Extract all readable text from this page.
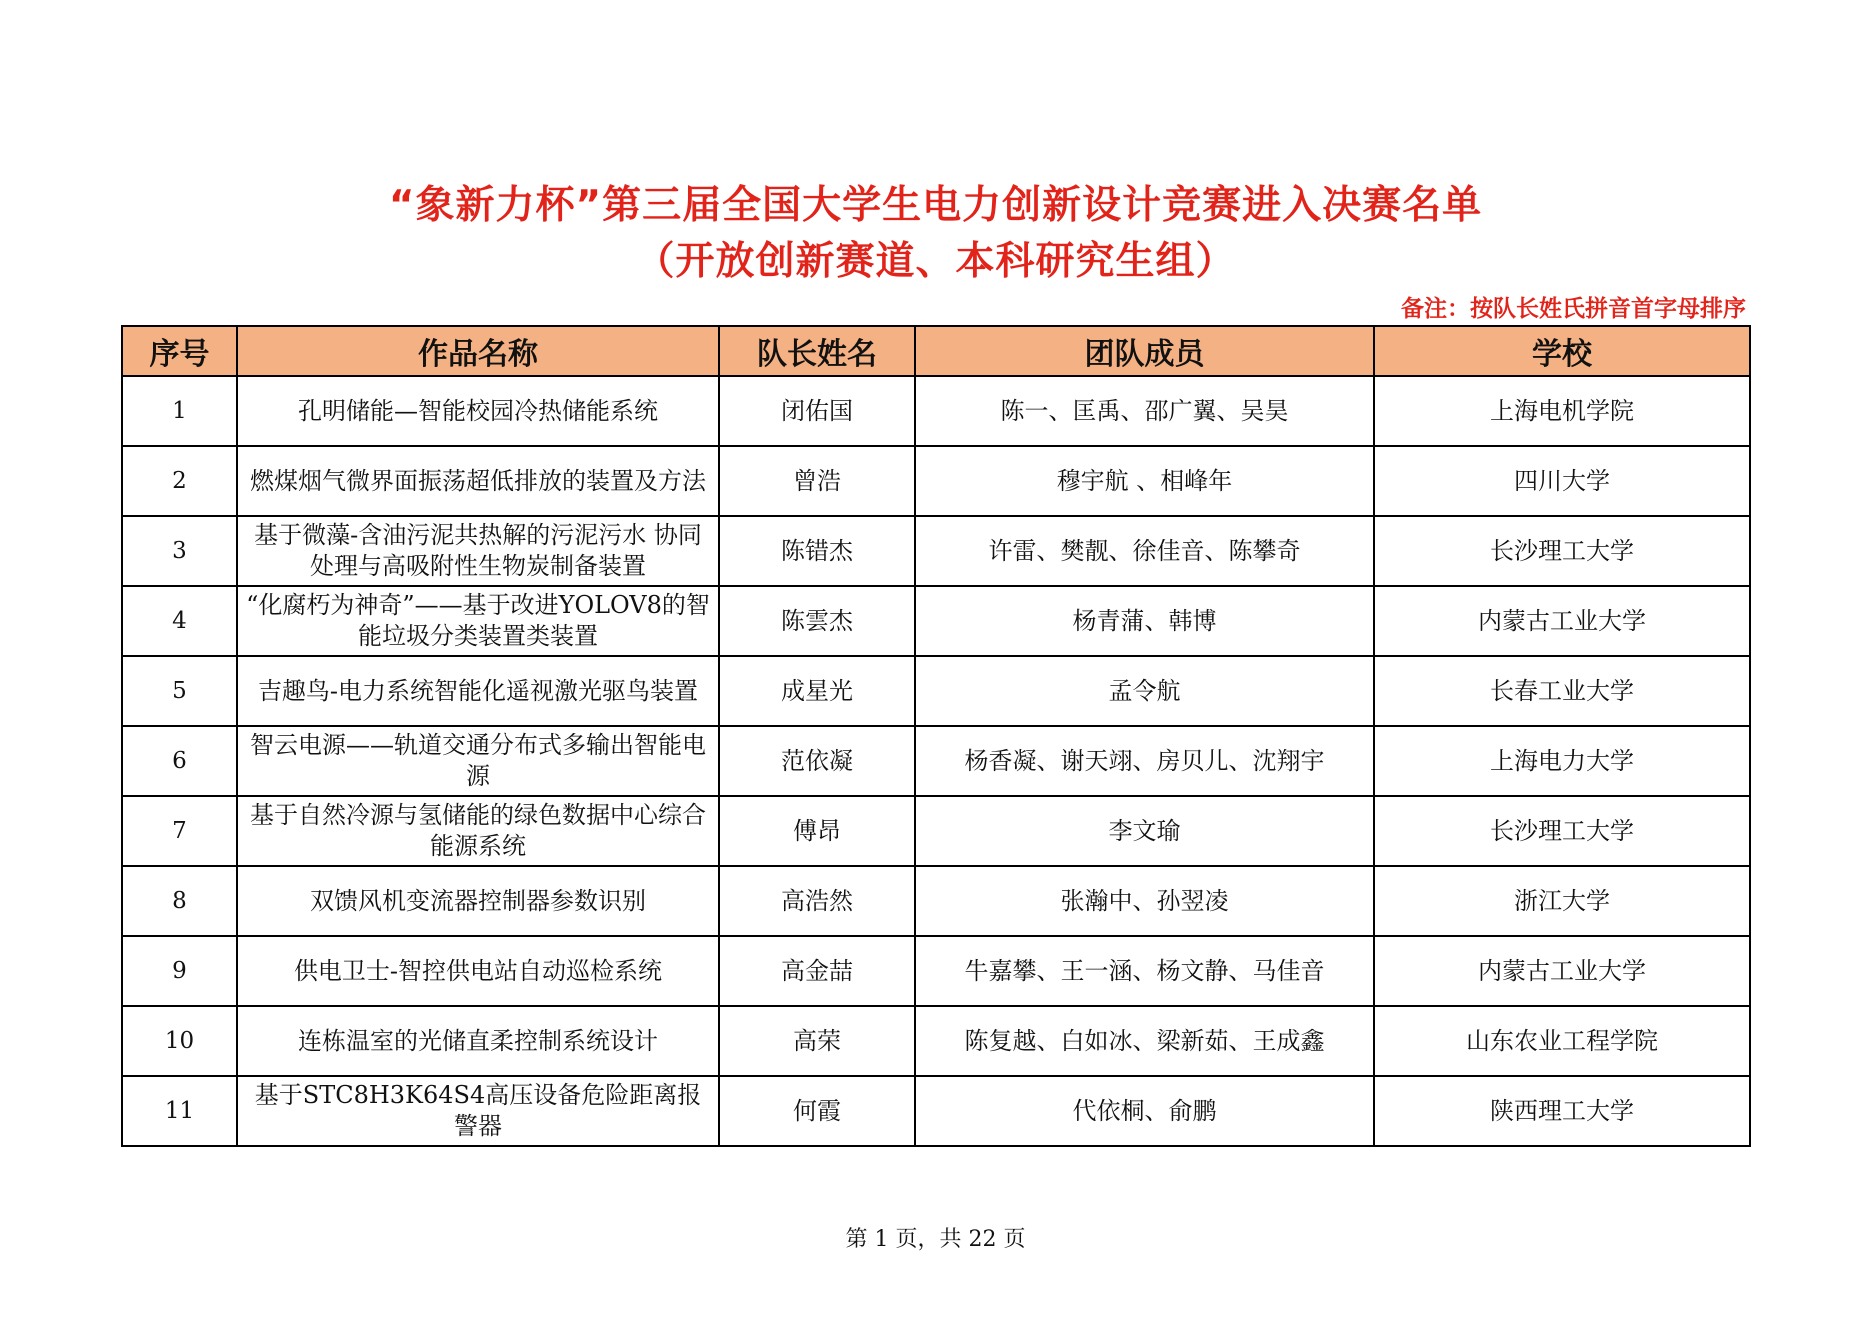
“象新力杯”第三届全国大学生电力创新设计竞赛进入决赛名单
（开放创新赛道、本科研究生组）
备注：按队长姓氏拼音首字母排序
序号	作品名称	队长姓名	团队成员	学校
1	孔明储能—智能校园冷热储能系统	闭佑国	陈一、匡禹、邵广翼、吴昊	上海电机学院
2	燃煤烟气微界面振荡超低排放的装置及方法	曾浩	穆宇航 、相峰年	四川大学
3	基于微藻-含油污泥共热解的污泥污水 协同处理与高吸附性生物炭制备装置	陈错杰	许雷、樊靓、徐佳音、陈攀奇	长沙理工大学
4	“化腐朽为神奇”——基于改进YOLOV8的智能垃圾分类装置类装置	陈雲杰	杨青蒲、韩博	内蒙古工业大学
5	吉趣鸟-电力系统智能化遥视激光驱鸟装置	成星光	孟令航	长春工业大学
6	智云电源——轨道交通分布式多输出智能电源	范依凝	杨香凝、谢天翊、房贝儿、沈翔宇	上海电力大学
7	基于自然冷源与氢储能的绿色数据中心综合能源系统	傅昂	李文瑜	长沙理工大学
8	双馈风机变流器控制器参数识别	高浩然	张瀚中、孙翌凌	浙江大学
9	供电卫士-智控供电站自动巡检系统	高金喆	牛嘉攀、王一涵、杨文静、马佳音	内蒙古工业大学
10	连栋温室的光储直柔控制系统设计	高荣	陈复越、白如冰、梁新茹、王成鑫	山东农业工程学院
11	基于STC8H3K64S4高压设备危险距离报警器	何霞	代依桐、俞鹏	陕西理工大学
第 1 页，共 22 页
